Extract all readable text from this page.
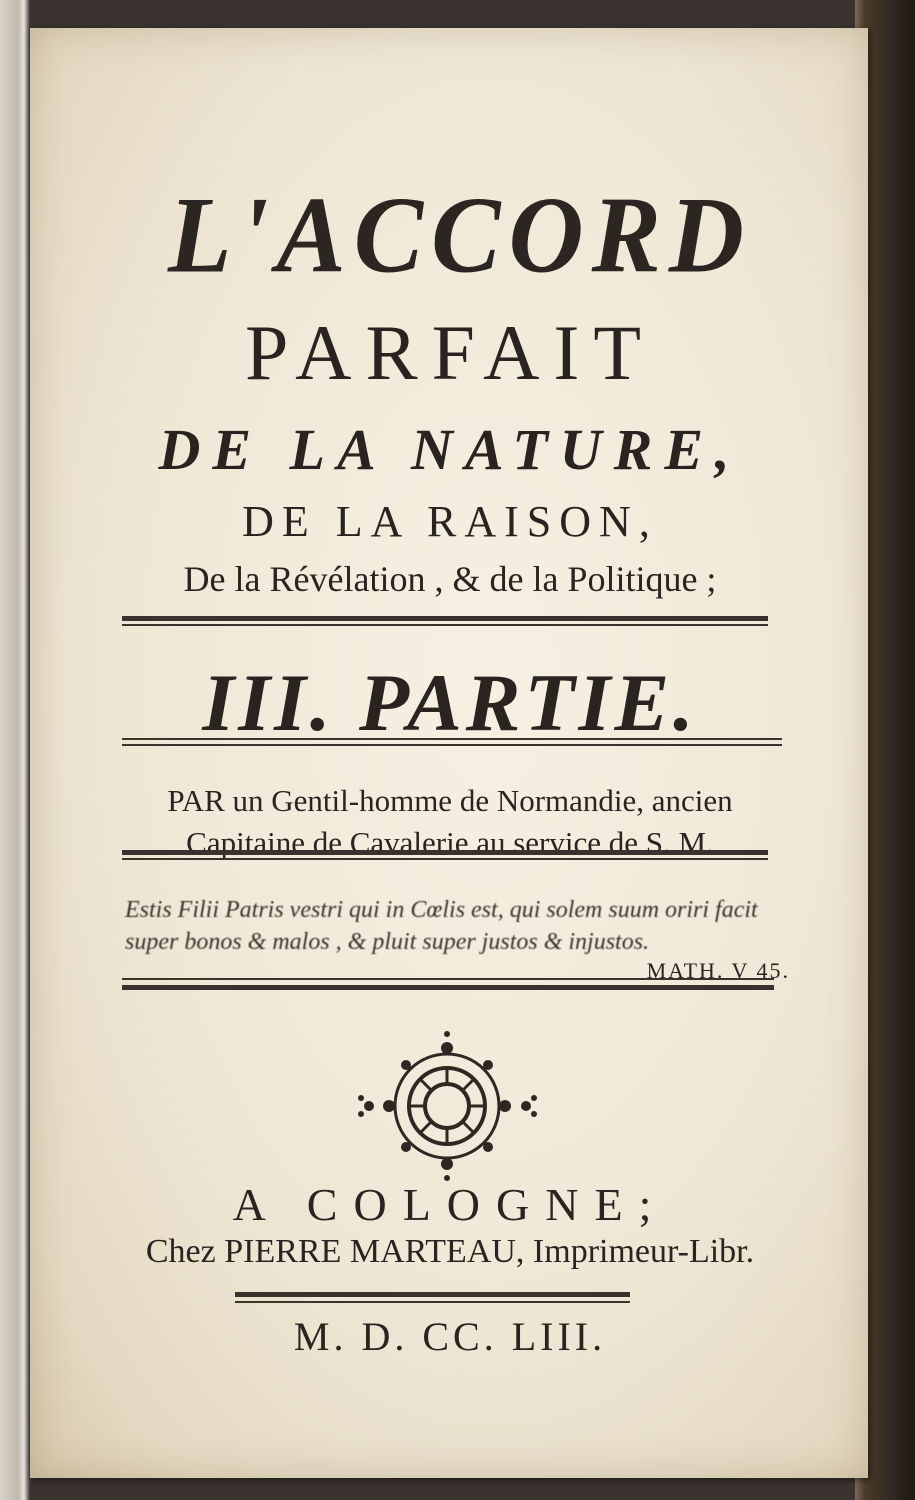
L'ACCORD
PARFAIT
DE LA NATURE,
DE LA RAISON,
De la Révélation , & de la Politique ;
III. PARTIE.
PAR un Gentil-homme de Normandie, ancien
Capitaine de Cavalerie au service de S. M.
Estis Filii Patris vestri qui in Cœlis est, qui solem suum oriri facit super bonos & malos , & pluit super justos & injustos.
MATH. V 45.
A COLOGNE;
Chez PIERRE MARTEAU, Imprimeur-Libr.
M. D. CC. LIII.
